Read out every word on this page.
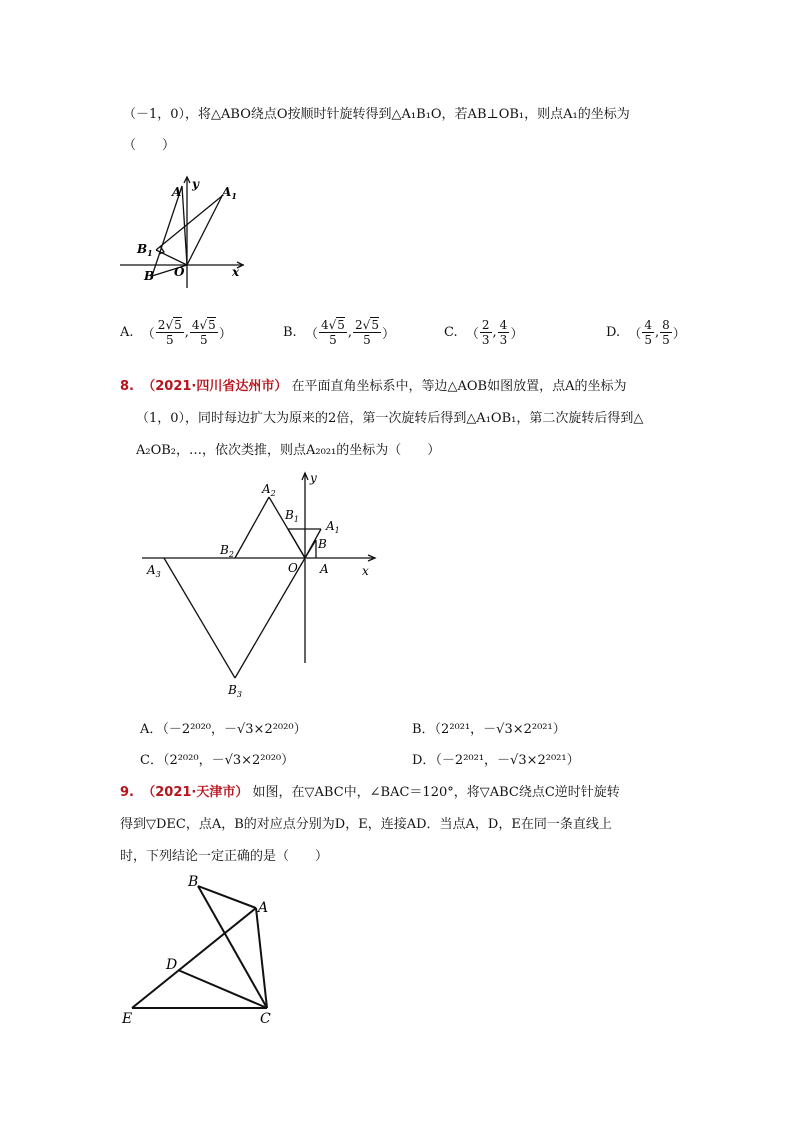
（－1，0），将△ABO绕点O按顺时针旋转得到△A₁B₁O，若AB⊥OB₁，则点A₁的坐标为
（　　）
A
y
$A_1$
$B_1$
B O	x
A. （ $\frac{2√5}{5}$ , $\frac{4√5}{5}$ ）	B. （ $\frac{4√5}{5}$ , $\frac{2√5}{5}$ ）	C. （ $\frac{2}{3}$ , $\frac{4}{3}$ ）	D. （ $\frac{4}{5}$ , $\frac{8}{5}$ ）
8. （2021·四川省达州市） 在平面直角坐标系中，等边△AOB如图放置，点A的坐标为
（1，0），同时每边扩大为原来的2倍，第一次旋转后得到△A₁OB₁，第二次旋转后得到△
A₂OB₂，…，依次类推，则点A₂₀₂₁的坐标为（　　）
$A_2$
y
$B_1$ $A_1$
B
$B_2$
O A	x
$A_3$
$B_3$
A．（－2²⁰²⁰，－√3×2²⁰²⁰）	B．（2²⁰²¹，－√3×2²⁰²¹）
C．（2²⁰²⁰，－√3×2²⁰²⁰）	D．（－2²⁰²¹，－√3×2²⁰²¹）
9. （2021·天津市） 如图，在▽ABC中，∠BAC＝120°，将▽ABC绕点C逆时针旋转
得到▽DEC，点A，B的对应点分别为D，E，连接AD．当点A，D，E在同一条直线上
时，下列结论一定正确的是（　　）
B
A
D
E	C
